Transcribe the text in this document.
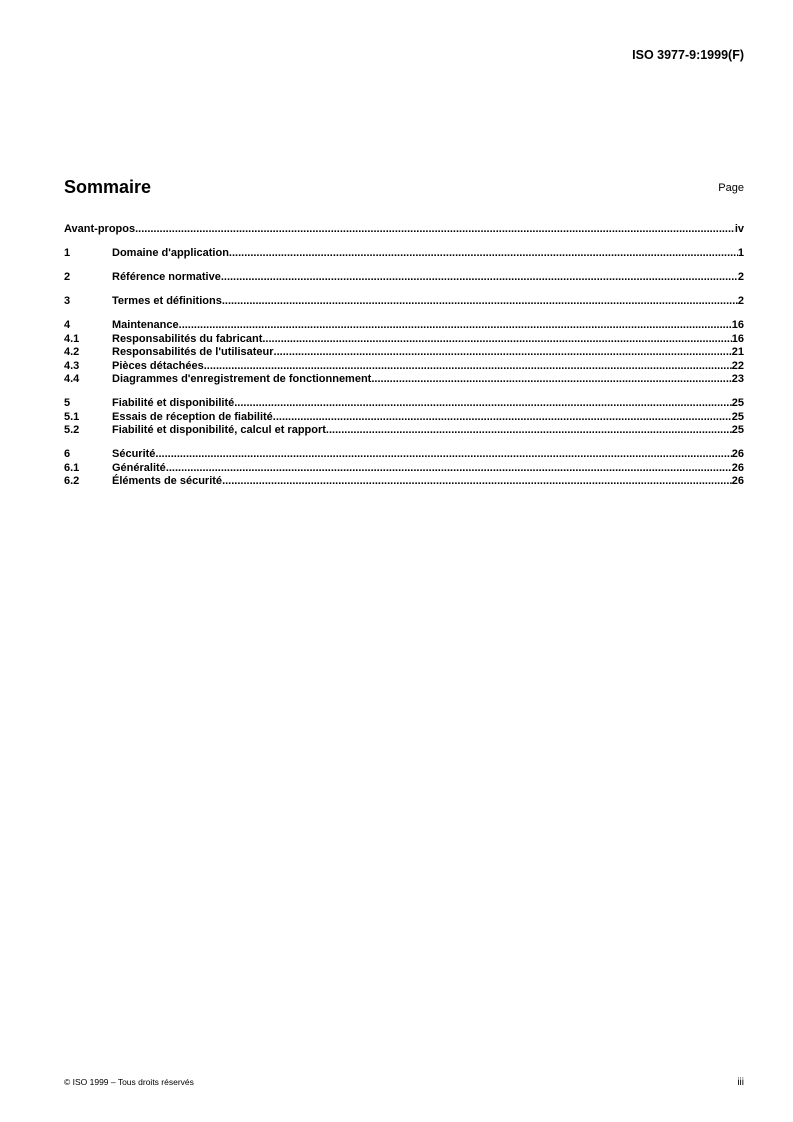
ISO 3977-9:1999(F)
Sommaire	Page
Avant-propos .....	iv
1	Domaine d'application .....	1
2	Référence normative .....	2
3	Termes et définitions .....	2
4	Maintenance .....	16
4.1	Responsabilités du fabricant .....	16
4.2	Responsabilités de l'utilisateur .....	21
4.3	Pièces détachées .....	22
4.4	Diagrammes d'enregistrement de fonctionnement .....	23
5	Fiabilité et disponibilité .....	25
5.1	Essais de réception de fiabilité .....	25
5.2	Fiabilité et disponibilité, calcul et rapport .....	25
6	Sécurité .....	26
6.1	Généralité .....	26
6.2	Éléments de sécurité .....	26
© ISO 1999 – Tous droits réservés	iii
